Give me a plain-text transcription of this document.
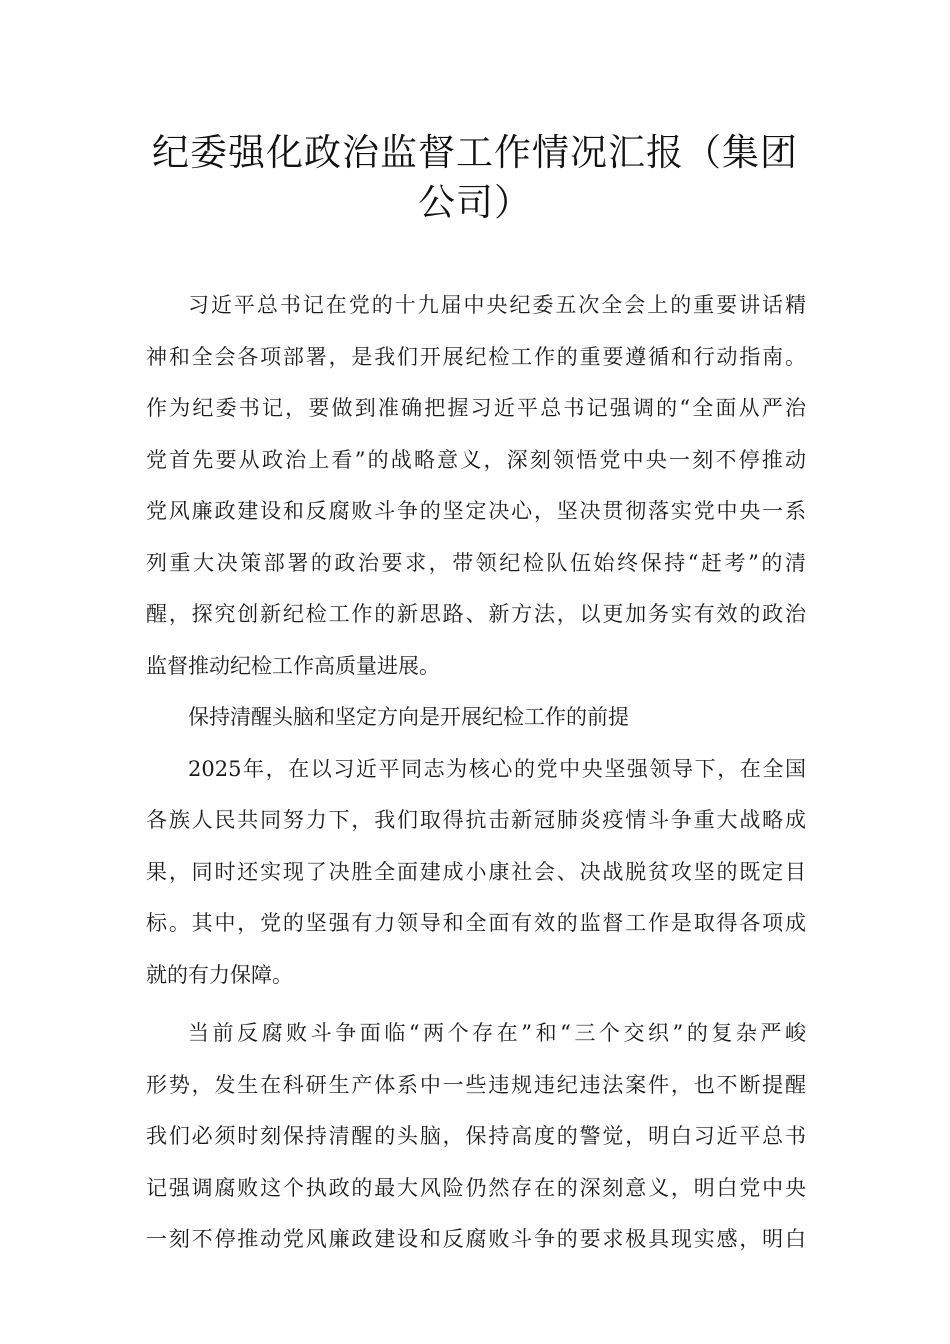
纪委强化政治监督工作情况汇报（集团
公司）

习近平总书记在党的十九届中央纪委五次全会上的重要讲话精
神和全会各项部署，是我们开展纪检工作的重要遵循和行动指南。
作为纪委书记，要做到准确把握习近平总书记强调的“全面从严治
党首先要从政治上看”的战略意义，深刻领悟党中央一刻不停推动
党风廉政建设和反腐败斗争的坚定决心，坚决贯彻落实党中央一系
列重大决策部署的政治要求，带领纪检队伍始终保持“赶考”的清
醒，探究创新纪检工作的新思路、新方法，以更加务实有效的政治
监督推动纪检工作高质量进展。

保持清醒头脑和坚定方向是开展纪检工作的前提

2025年，在以习近平同志为核心的党中央坚强领导下，在全国
各族人民共同努力下，我们取得抗击新冠肺炎疫情斗争重大战略成
果，同时还实现了决胜全面建成小康社会、决战脱贫攻坚的既定目
标。其中，党的坚强有力领导和全面有效的监督工作是取得各项成
就的有力保障。

当前反腐败斗争面临“两个存在”和“三个交织”的复杂严峻
形势，发生在科研生产体系中一些违规违纪违法案件，也不断提醒
我们必须时刻保持清醒的头脑，保持高度的警觉，明白习近平总书
记强调腐败这个执政的最大风险仍然存在的深刻意义，明白党中央
一刻不停推动党风廉政建设和反腐败斗争的要求极具现实感，明白
